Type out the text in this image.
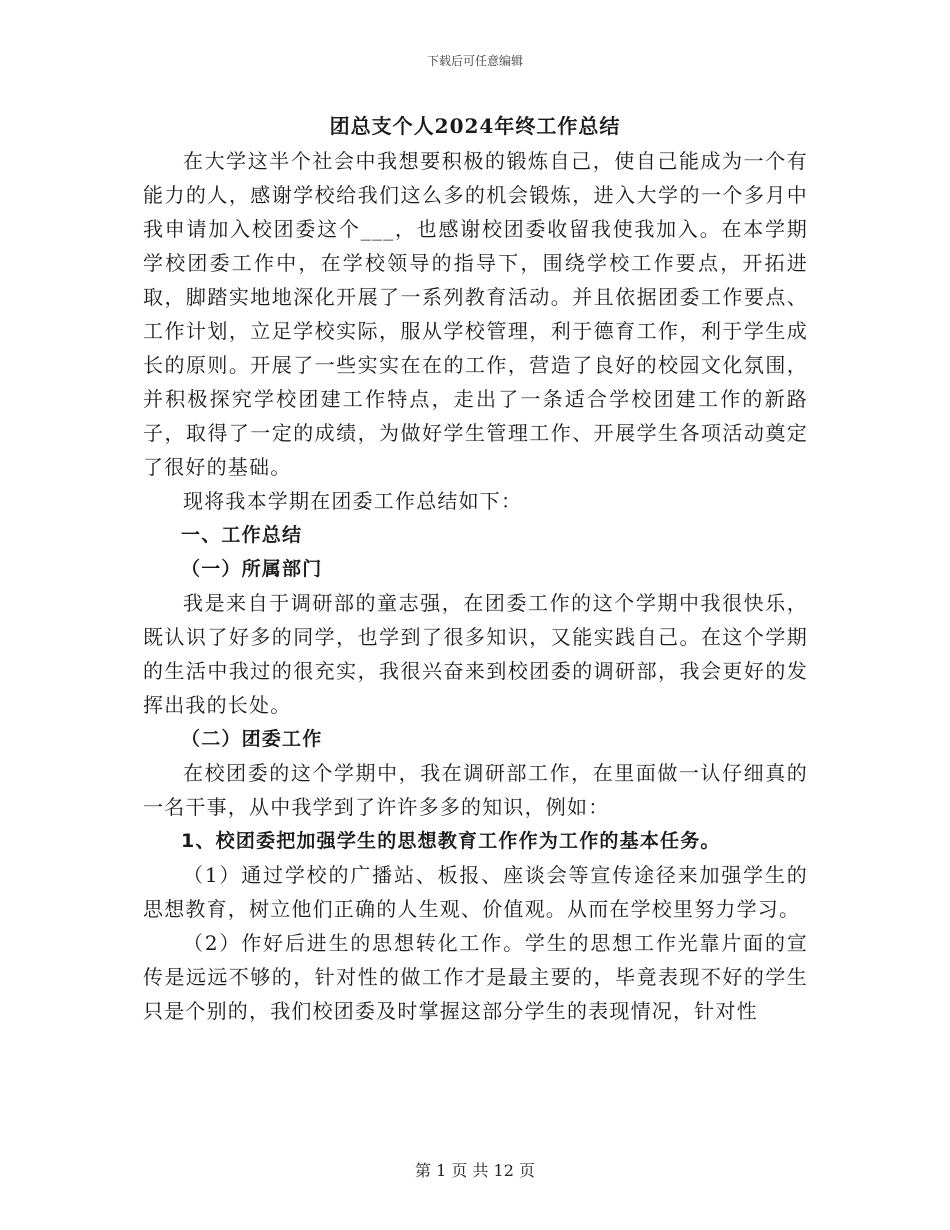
下载后可任意编辑
团总支个人2024年终工作总结

在大学这半个社会中我想要积极的锻炼自己，使自己能成为一个有能力的人，感谢学校给我们这么多的机会锻炼，进入大学的一个多月中我申请加入校团委这个___，也感谢校团委收留我使我加入。在本学期学校团委工作中，在学校领导的指导下，围绕学校工作要点，开拓进取，脚踏实地地深化开展了一系列教育活动。并且依据团委工作要点、工作计划，立足学校实际，服从学校管理，利于德育工作，利于学生成长的原则。开展了一些实实在在的工作，营造了良好的校园文化氛围，并积极探究学校团建工作特点，走出了一条适合学校团建工作的新路子，取得了一定的成绩，为做好学生管理工作、开展学生各项活动奠定了很好的基础。

现将我本学期在团委工作总结如下：

一、工作总结

（一）所属部门

我是来自于调研部的童志强，在团委工作的这个学期中我很快乐，既认识了好多的同学，也学到了很多知识，又能实践自己。在这个学期的生活中我过的很充实，我很兴奋来到校团委的调研部，我会更好的发挥出我的长处。

（二）团委工作

在校团委的这个学期中，我在调研部工作，在里面做一认仔细真的一名干事，从中我学到了许许多多的知识，例如：

1、校团委把加强学生的思想教育工作作为工作的基本任务。

（1）通过学校的广播站、板报、座谈会等宣传途径来加强学生的思想教育，树立他们正确的人生观、价值观。从而在学校里努力学习。

（2）作好后进生的思想转化工作。学生的思想工作光靠片面的宣传是远远不够的，针对性的做工作才是最主要的，毕竟表现不好的学生只是个别的，我们校团委及时掌握这部分学生的表现情况，针对性

第 1 页 共 12 页
